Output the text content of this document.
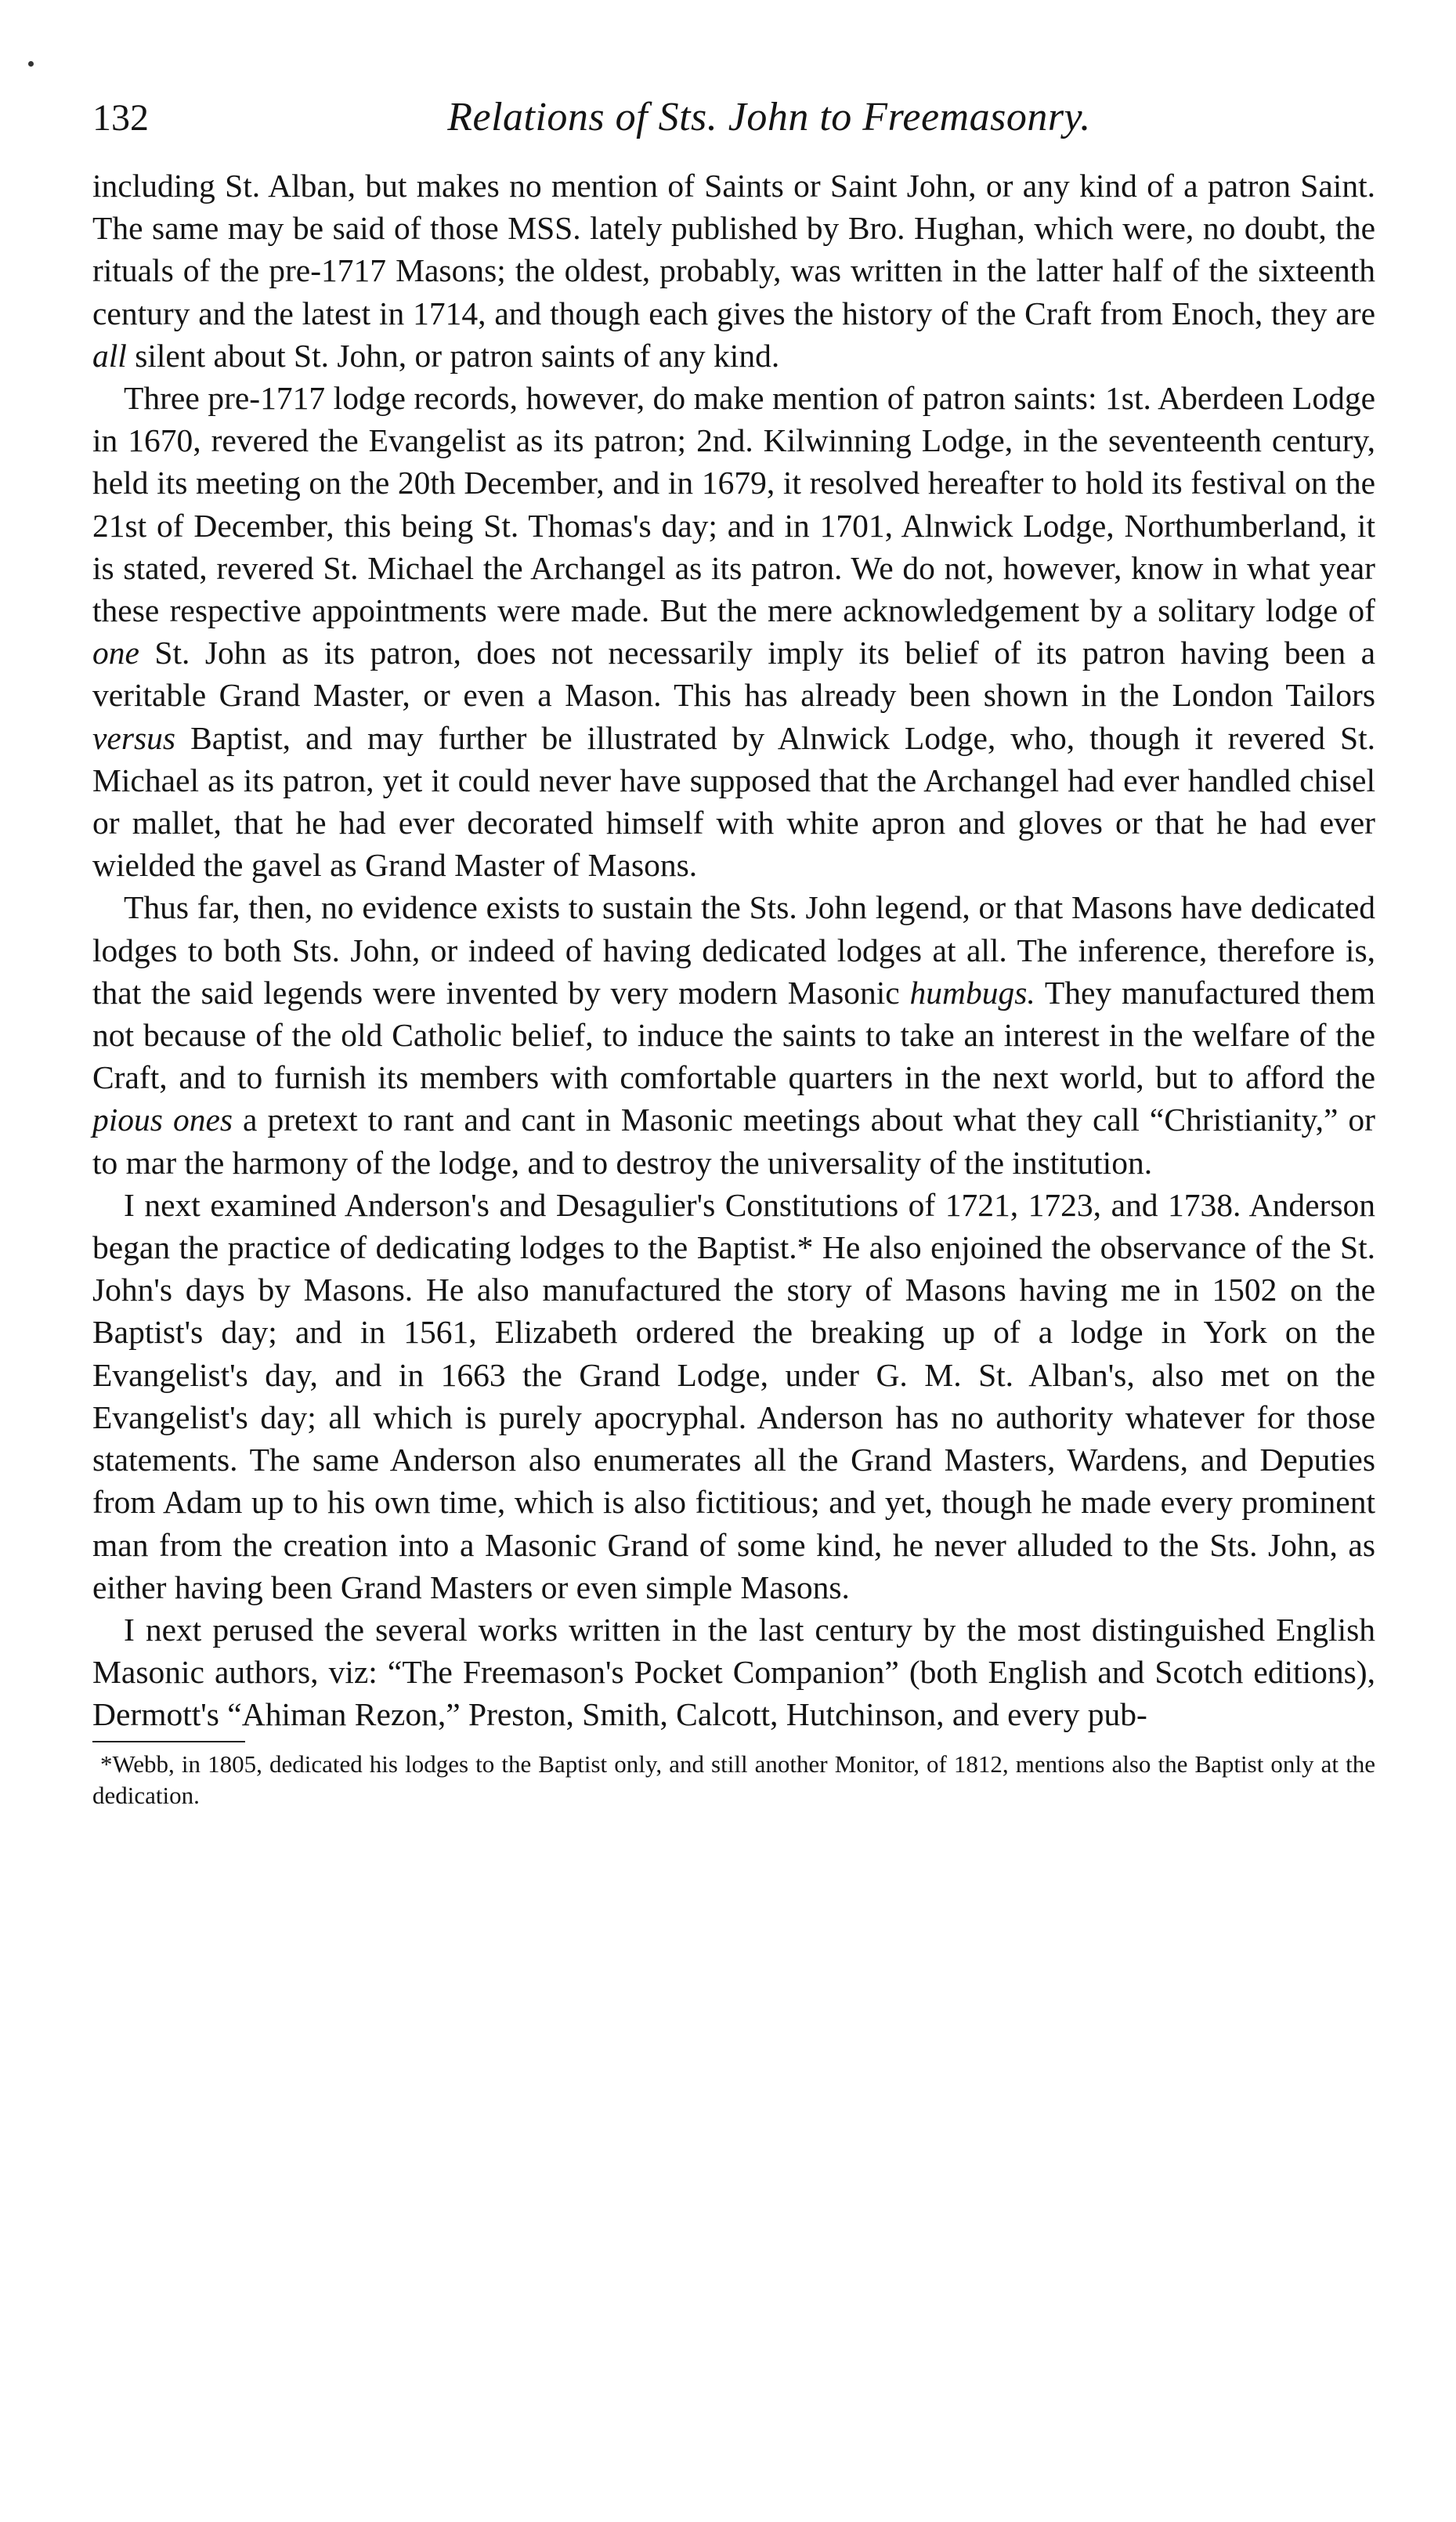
132	Relations of Sts. John to Freemasonry.

including St. Alban, but makes no mention of Saints or Saint John, or any kind of a patron Saint. The same may be said of those MSS. lately published by Bro. Hughan, which were, no doubt, the rituals of the pre-1717 Masons; the oldest, probably, was written in the latter half of the sixteenth century and the latest in 1714, and though each gives the history of the Craft from Enoch, they are all silent about St. John, or patron saints of any kind.

Three pre-1717 lodge records, however, do make mention of patron saints: 1st. Aberdeen Lodge in 1670, revered the Evangelist as its patron; 2nd. Kilwinning Lodge, in the seventeenth century, held its meeting on the 20th December, and in 1679, it resolved hereafter to hold its festival on the 21st of December, this being St. Thomas's day; and in 1701, Alnwick Lodge, Northumberland, it is stated, revered St. Michael the Archangel as its patron. We do not, however, know in what year these respective appointments were made. But the mere acknowledgement by a solitary lodge of one St. John as its patron, does not necessarily imply its belief of its patron having been a veritable Grand Master, or even a Mason. This has already been shown in the London Tailors versus Baptist, and may further be illustrated by Alnwick Lodge, who, though it revered St. Michael as its patron, yet it could never have supposed that the Archangel had ever handled chisel or mallet, that he had ever decorated himself with white apron and gloves or that he had ever wielded the gavel as Grand Master of Masons.

Thus far, then, no evidence exists to sustain the Sts. John legend, or that Masons have dedicated lodges to both Sts. John, or indeed of having dedicated lodges at all. The inference, therefore is, that the said legends were invented by very modern Masonic humbugs. They manufactured them not because of the old Catholic belief, to induce the saints to take an interest in the welfare of the Craft, and to furnish its members with comfortable quarters in the next world, but to afford the pious ones a pretext to rant and cant in Masonic meetings about what they call “Christianity,” or to mar the harmony of the lodge, and to destroy the universality of the institution.

I next examined Anderson's and Desagulier's Constitutions of 1721, 1723, and 1738. Anderson began the practice of dedicating lodges to the Baptist.* He also enjoined the observance of the St. John's days by Masons. He also manufactured the story of Masons having me in 1502 on the Baptist's day; and in 1561, Elizabeth ordered the breaking up of a lodge in York on the Evangelist's day, and in 1663 the Grand Lodge, under G. M. St. Alban's, also met on the Evangelist's day; all which is purely apocryphal. Anderson has no authority whatever for those statements. The same Anderson also enumerates all the Grand Masters, Wardens, and Deputies from Adam up to his own time, which is also fictitious; and yet, though he made every prominent man from the creation into a Masonic Grand of some kind, he never alluded to the Sts. John, as either having been Grand Masters or even simple Masons.

I next perused the several works written in the last century by the most distinguished English Masonic authors, viz: “The Freemason's Pocket Companion” (both English and Scotch editions), Dermott's “Ahiman Rezon,” Preston, Smith, Calcott, Hutchinson, and every pub-

*Webb, in 1805, dedicated his lodges to the Baptist only, and still another Monitor, of 1812, mentions also the Baptist only at the dedication.
